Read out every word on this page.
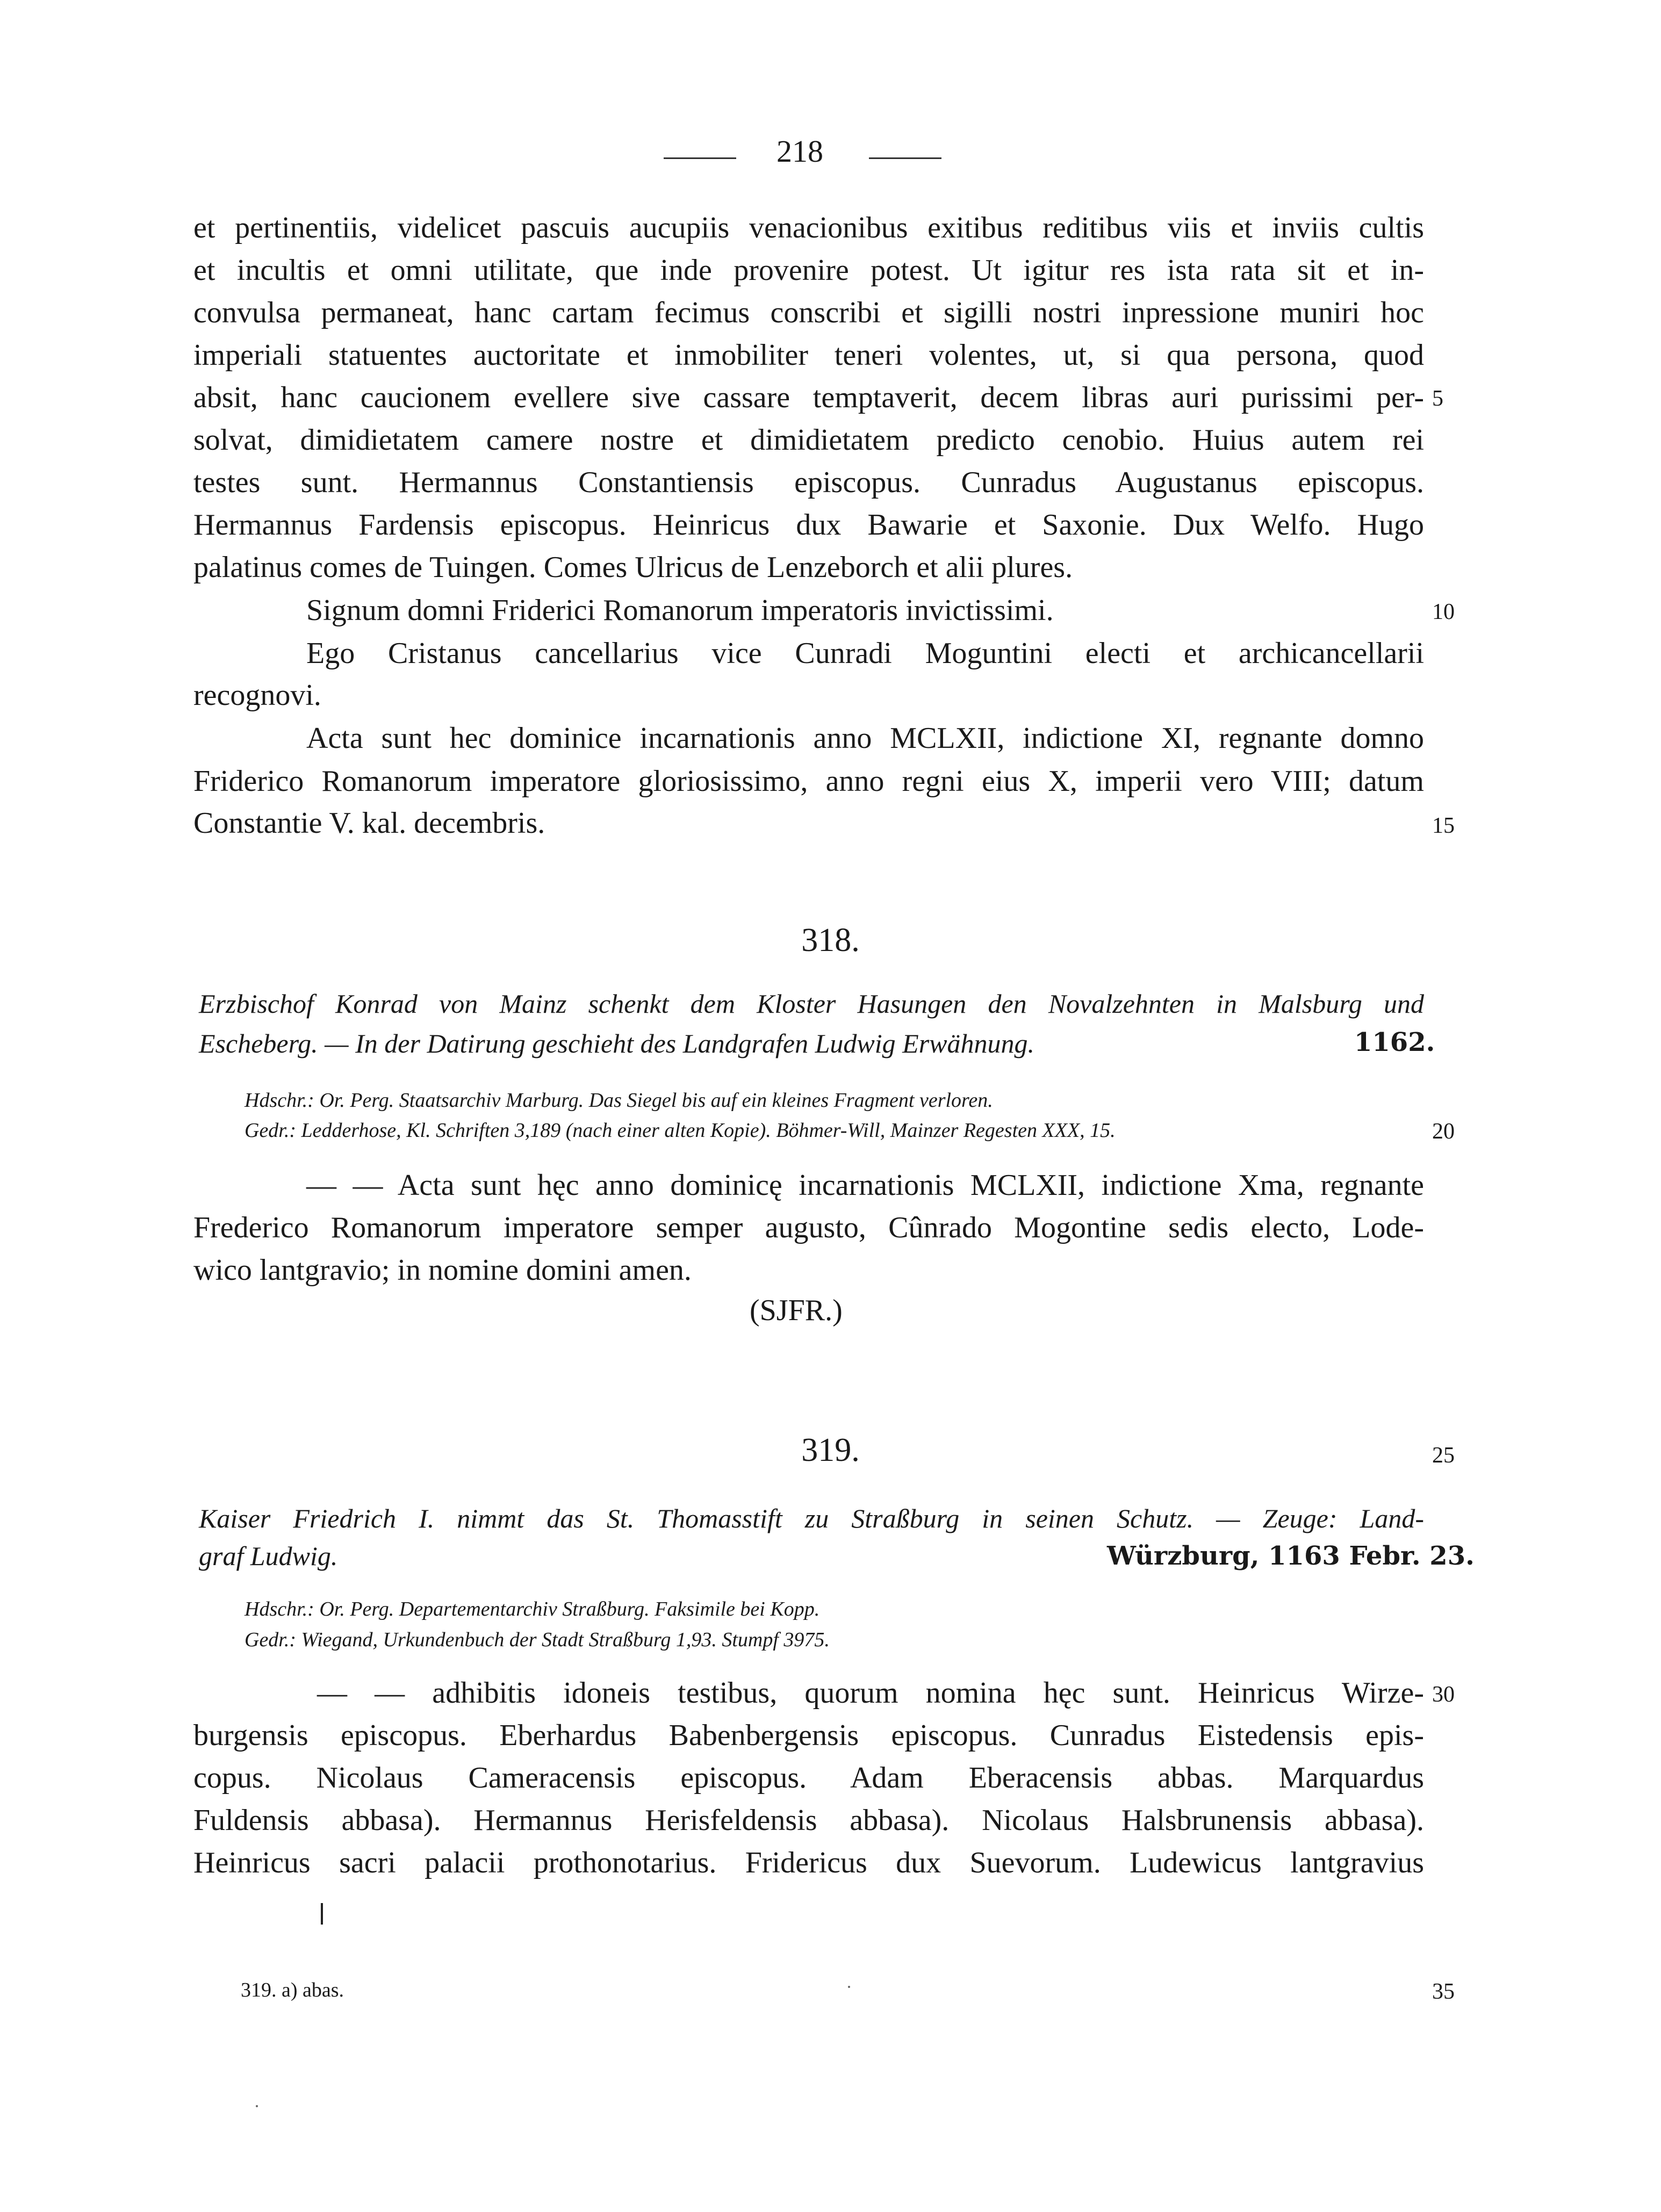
218
et pertinentiis, videlicet pascuis aucupiis venacionibus exitibus reditibus viis et inviis cultis
et incultis et omni utilitate, que inde provenire potest. Ut igitur res ista rata sit et in-
convulsa permaneat, hanc cartam fecimus conscribi et sigilli nostri inpressione muniri hoc
imperiali statuentes auctoritate et inmobiliter teneri volentes, ut, si qua persona, quod
absit, hanc caucionem evellere sive cassare temptaverit, decem libras auri purissimi per-
solvat, dimidietatem camere nostre et dimidietatem predicto cenobio. Huius autem rei
testes sunt. Hermannus Constantiensis episcopus. Cunradus Augustanus episcopus.
Hermannus Fardensis episcopus. Heinricus dux Bawarie et Saxonie. Dux Welfo. Hugo
palatinus comes de Tuingen. Comes Ulricus de Lenzeborch et alii plures.
Signum domni Friderici Romanorum imperatoris invictissimi.
Ego Cristanus cancellarius vice Cunradi Moguntini electi et archicancellarii
recognovi.
Acta sunt hec dominice incarnationis anno MCLXII, indictione XI, regnante domno
Friderico Romanorum imperatore gloriosissimo, anno regni eius X, imperii vero VIII; datum
Constantie V. kal. decembris.
5
10
15
20
25
30
35
318.
Erzbischof Konrad von Mainz schenkt dem Kloster Hasungen den Novalzehnten in Malsburg und
Escheberg. — In der Datirung geschieht des Landgrafen Ludwig Erwähnung.	1162.
Hdschr.: Or. Perg. Staatsarchiv Marburg. Das Siegel bis auf ein kleines Fragment verloren.
Gedr.: Ledderhose, Kl. Schriften 3,189 (nach einer alten Kopie). Böhmer-Will, Mainzer Regesten XXX, 15.
— — Acta sunt hęc anno dominicę incarnationis MCLXII, indictione Xma, regnante
Frederico Romanorum imperatore semper augusto, Cûnrado Mogontine sedis electo, Lode-
wico lantgravio; in nomine domini amen.
(SJFR.)
319.
Kaiser Friedrich I. nimmt das St. Thomasstift zu Straßburg in seinen Schutz. — Zeuge: Land-
graf Ludwig.	Würzburg, 1163 Febr. 23.
Hdschr.: Or. Perg. Departementarchiv Straßburg. Faksimile bei Kopp.
Gedr.: Wiegand, Urkundenbuch der Stadt Straßburg 1,93. Stumpf 3975.
— — adhibitis idoneis testibus, quorum nomina hęc sunt. Heinricus Wirze-
burgensis episcopus. Eberhardus Babenbergensis episcopus. Cunradus Eistedensis epis-
copus. Nicolaus Cameracensis episcopus. Adam Eberacensis abbas. Marquardus
Fuldensis abbasa). Hermannus Herisfeldensis abbasa). Nicolaus Halsbrunensis abbasa).
Heinricus sacri palacii prothonotarius. Fridericus dux Suevorum. Ludewicus lantgravius
319. a) abas.
